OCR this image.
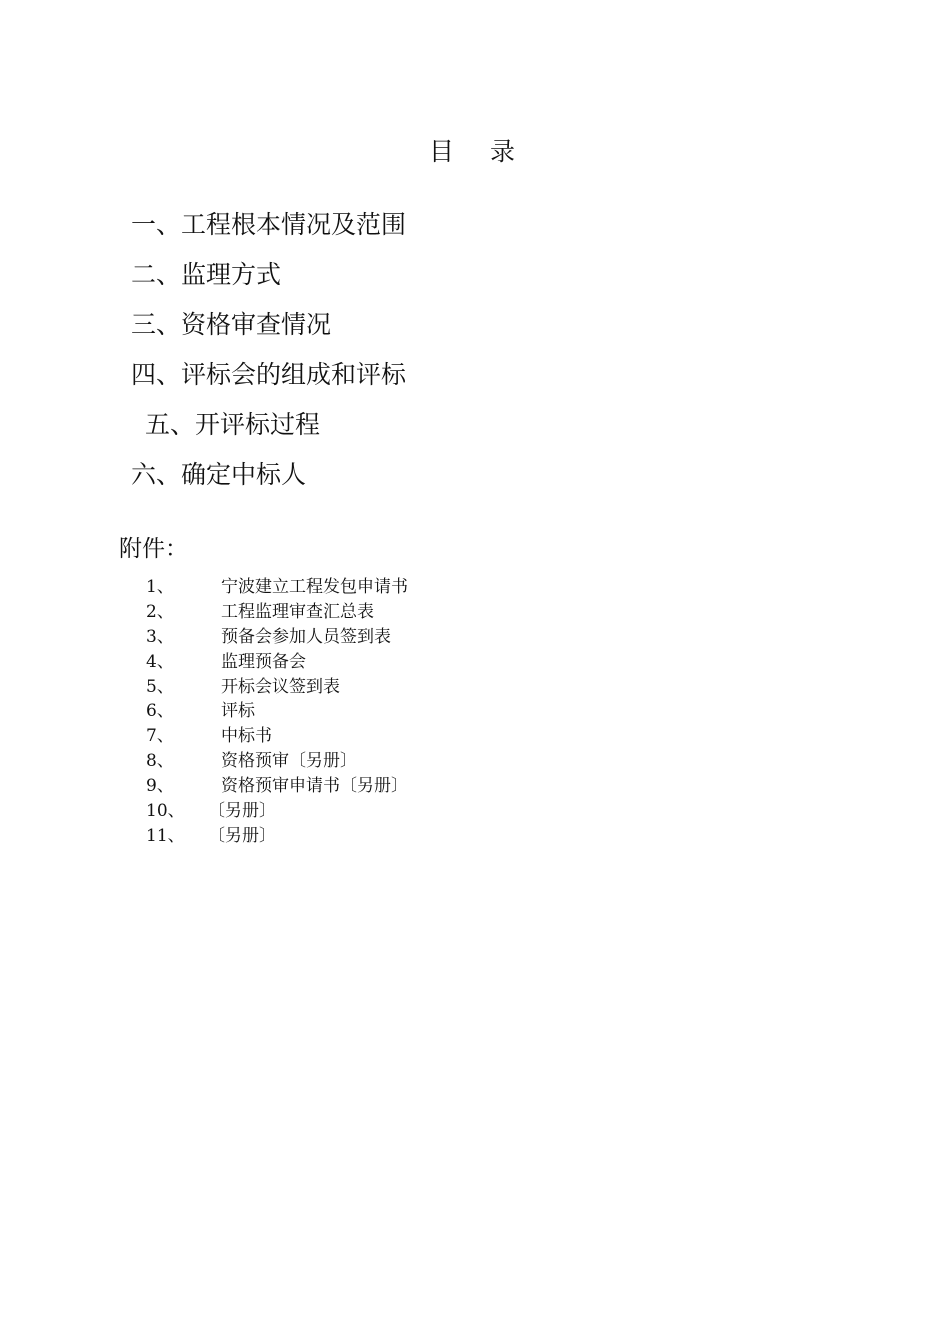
目 录
一、工程根本情况及范围
二、监理方式
三、资格审查情况
四、评标会的组成和评标
五、开评标过程
六、确定中标人
附件：
1、	宁波建立工程发包申请书
2、	工程监理审查汇总表
3、	预备会参加人员签到表
4、	监理预备会
5、	开标会议签到表
6、	评标
7、	中标书
8、	资格预审〔另册〕
9、	资格预审申请书〔另册〕
10、 〔另册〕
11、 〔另册〕
